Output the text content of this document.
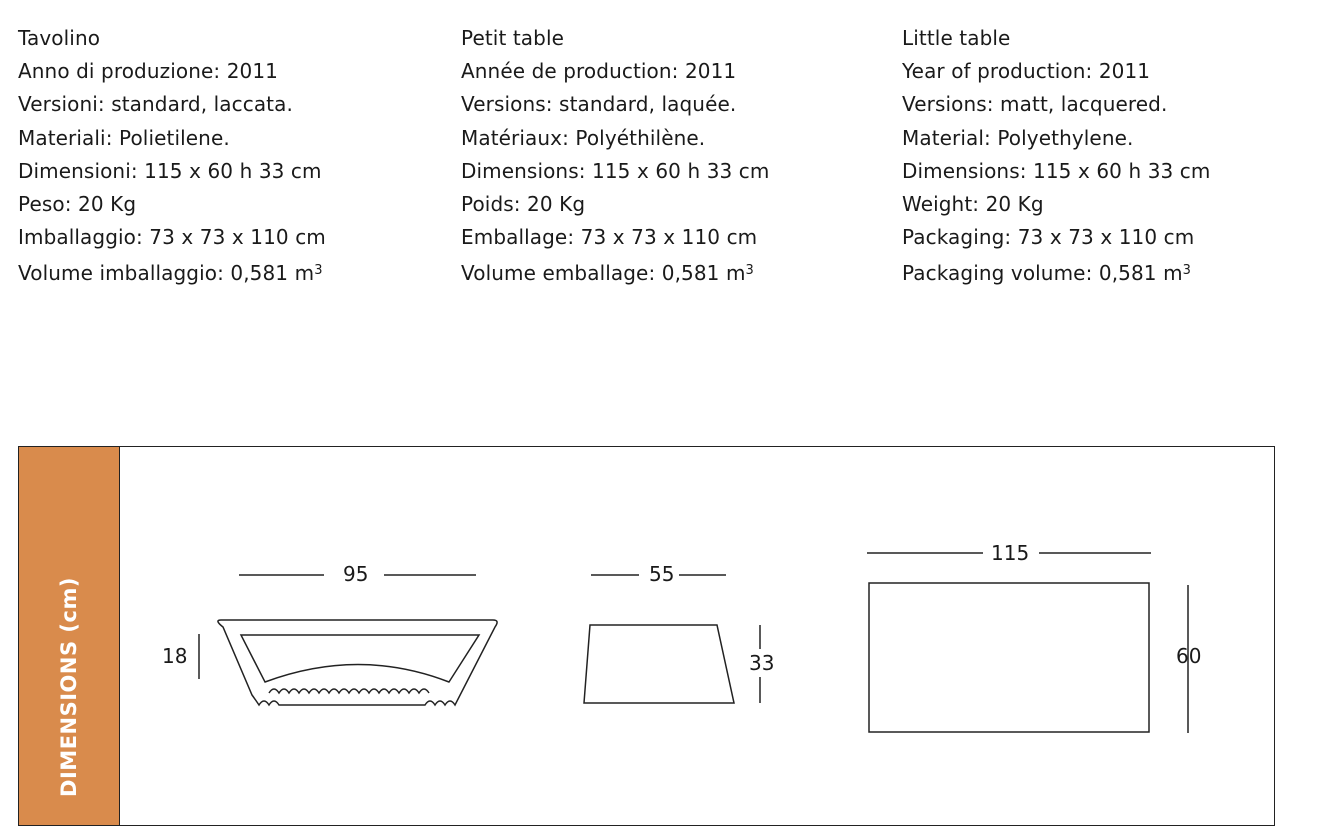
Tavolino
Anno di produzione: 2011
Versioni: standard, laccata.
Materiali: Polietilene.
Dimensioni: 115 x 60 h 33 cm
Peso: 20 Kg
Imballaggio: 73 x 73 x 110 cm
Volume imballaggio: 0,581 $m^3$
Petit table
Année de production: 2011
Versions: standard, laquée.
Matériaux: Polyéthilène.
Dimensions: 115 x 60 h 33 cm
Poids: 20 Kg
Emballage: 73 x 73 x 110 cm
Volume emballage: 0,581 $m^3$
Little table
Year of production: 2011
Versions: matt, lacquered.
Material: Polyethylene.
Dimensions: 115 x 60 h 33 cm
Weight: 20 Kg
Packaging: 73 x 73 x 110 cm
Packaging volume: 0,581 $m^3$
DIMENSIONS (cm)
95
18
55
33
115
60
